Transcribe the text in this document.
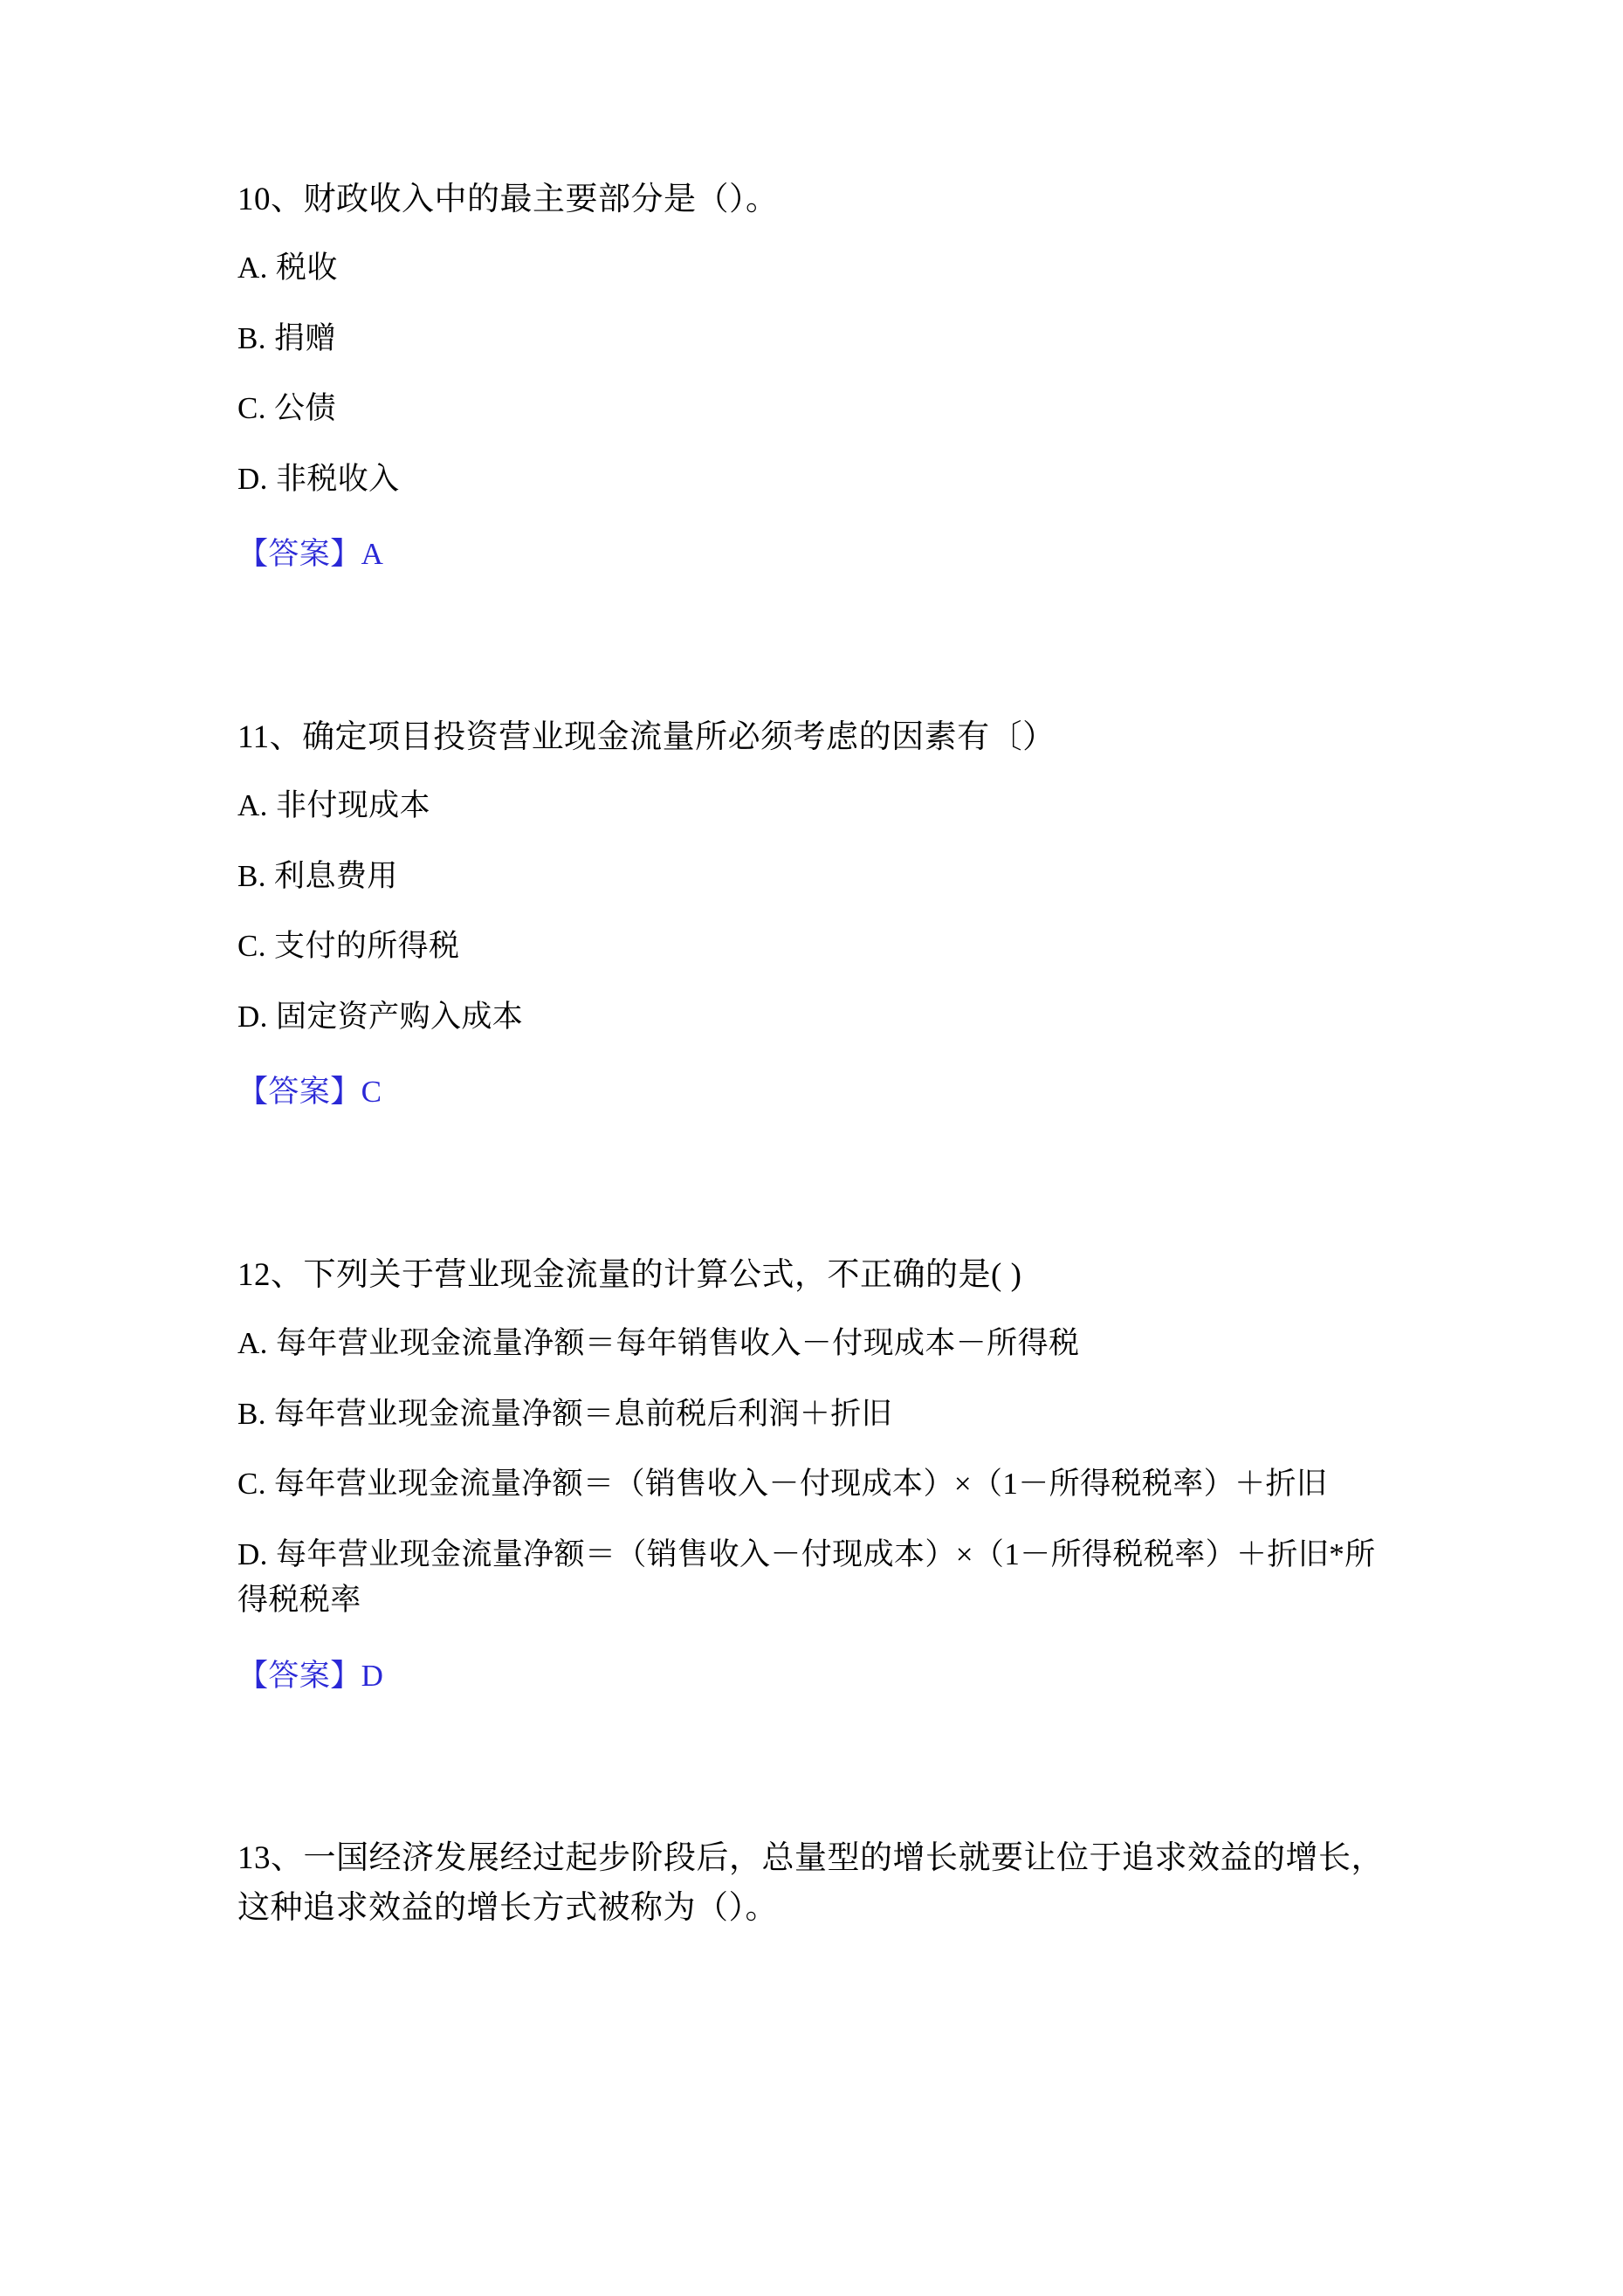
10、财政收入中的最主要部分是（）。

A. 税收

B. 捐赠

C. 公债

D. 非税收入

【答案】A

11、确定项目投资营业现金流量所必须考虑的因素有〔）

A. 非付现成本

B. 利息费用

C. 支付的所得税

D. 固定资产购入成本

【答案】C

12、下列关于营业现金流量的计算公式，不正确的是( )

A. 每年营业现金流量净额＝每年销售收入－付现成本－所得税

B. 每年营业现金流量净额＝息前税后利润＋折旧

C. 每年营业现金流量净额＝（销售收入－付现成本）×（1－所得税税率）＋折旧

D. 每年营业现金流量净额＝（销售收入－付现成本）×（1－所得税税率）＋折旧*所得税税率

【答案】D

13、一国经济发展经过起步阶段后，总量型的增长就要让位于追求效益的增长，这种追求效益的增长方式被称为（）。
